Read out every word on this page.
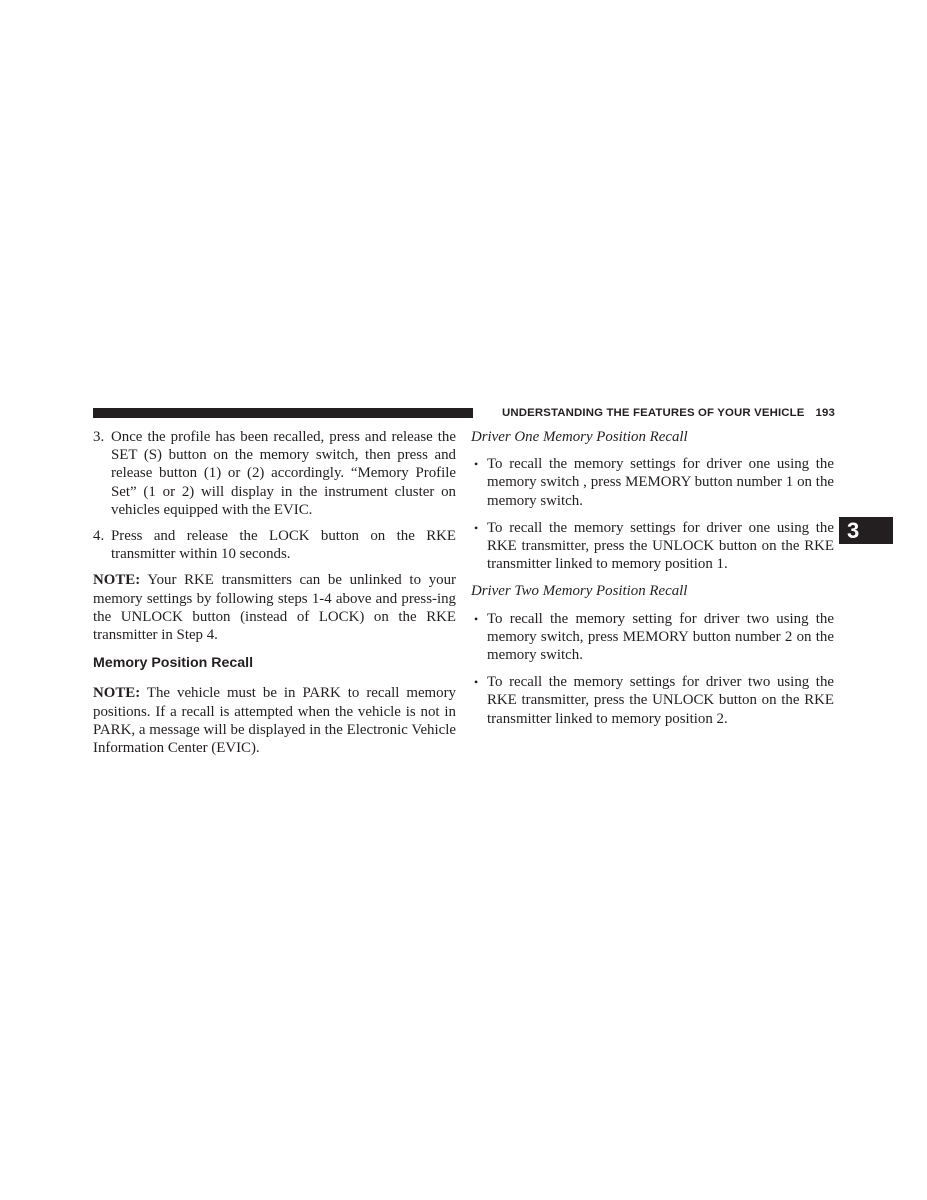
UNDERSTANDING THE FEATURES OF YOUR VEHICLE 193
3
3. Once the profile has been recalled, press and release the SET (S) button on the memory switch, then press and release button (1) or (2) accordingly. “Memory Profile Set” (1 or 2) will display in the instrument cluster on vehicles equipped with the EVIC.
4. Press and release the LOCK button on the RKE transmitter within 10 seconds.

NOTE: Your RKE transmitters can be unlinked to your memory settings by following steps 1-4 above and press-ing the UNLOCK button (instead of LOCK) on the RKE transmitter in Step 4.

Memory Position Recall

NOTE: The vehicle must be in PARK to recall memory positions. If a recall is attempted when the vehicle is not in PARK, a message will be displayed in the Electronic Vehicle Information Center (EVIC).

Driver One Memory Position Recall
• To recall the memory settings for driver one using the memory switch , press MEMORY button number 1 on the memory switch.
• To recall the memory settings for driver one using the RKE transmitter, press the UNLOCK button on the RKE transmitter linked to memory position 1.
Driver Two Memory Position Recall
• To recall the memory setting for driver two using the memory switch, press MEMORY button number 2 on the memory switch.
• To recall the memory settings for driver two using the RKE transmitter, press the UNLOCK button on the RKE transmitter linked to memory position 2.
